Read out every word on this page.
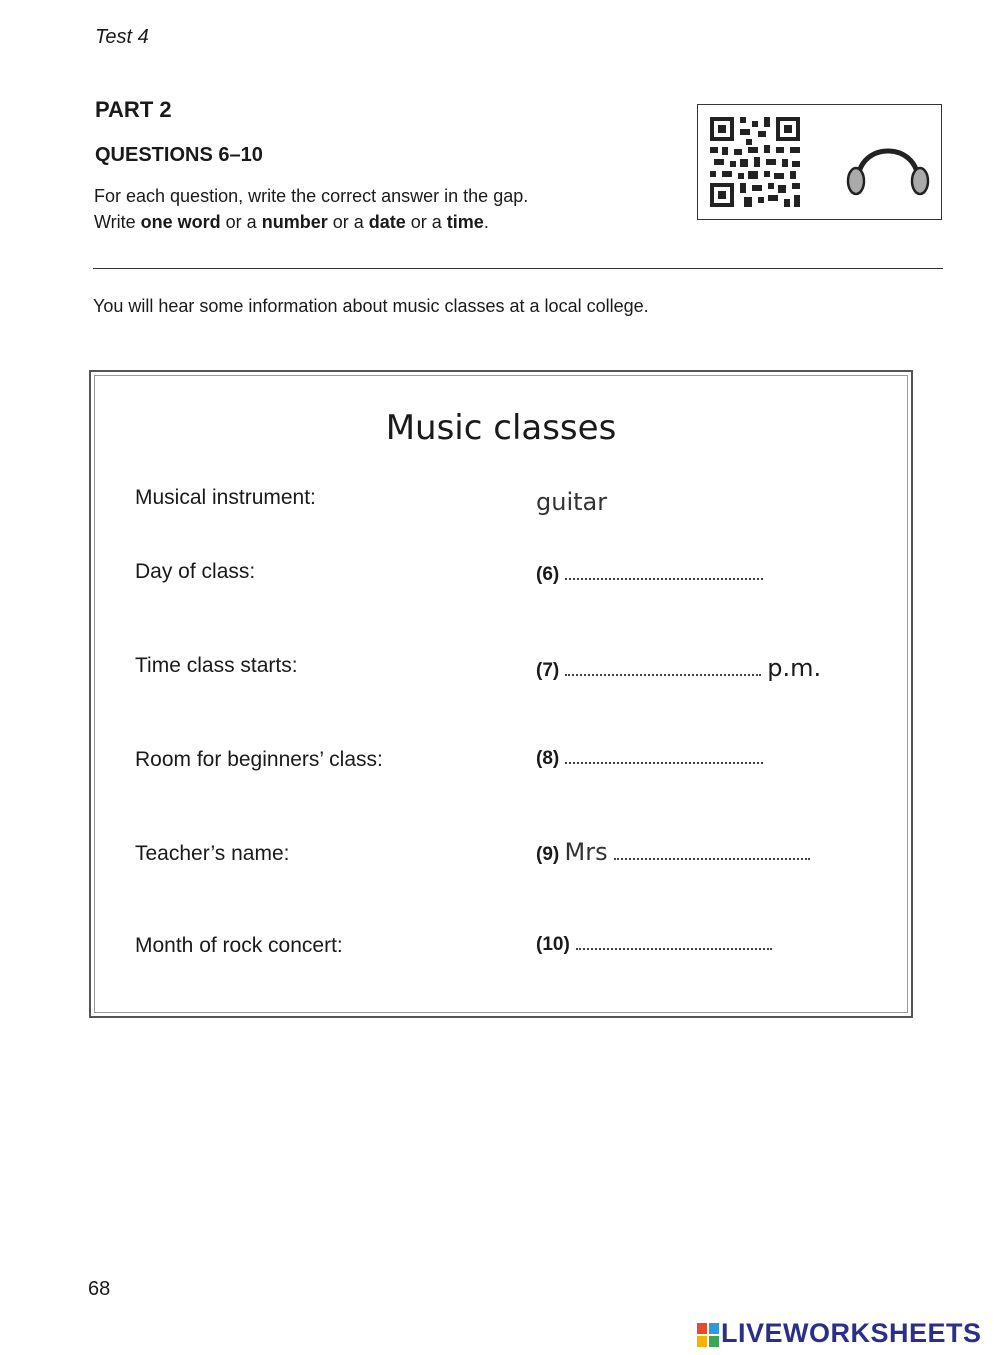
Test 4
PART 2
QUESTIONS 6–10
For each question, write the correct answer in the gap.
Write one word or a number or a date or a time.
You will hear some information about music classes at a local college.
Music classes
Musical instrument:	guitar
Day of class:	(6)
Time class starts:	(7)	p.m.
Room for beginners’ class:	(8)
Teacher’s name:	(9) Mrs
Month of rock concert:	(10)
68
LIVEWORKSHEETS
